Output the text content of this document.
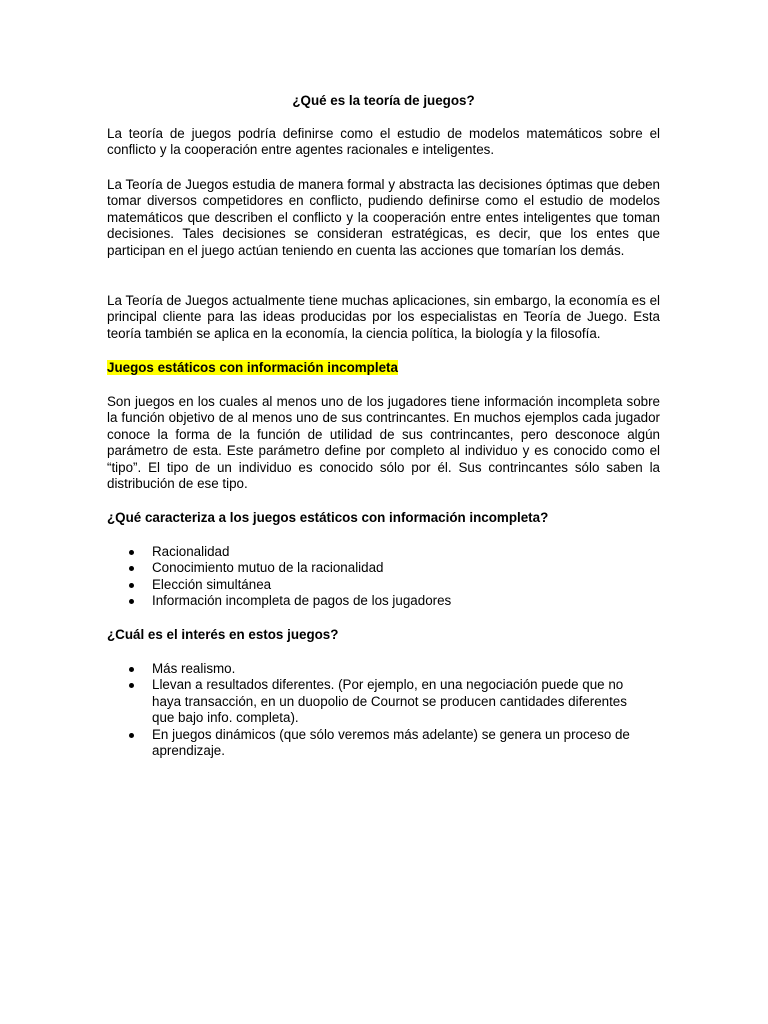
¿Qué es la teoría de juegos?

La teoría de juegos podría definirse como el estudio de modelos matemáticos sobre el conflicto y la cooperación entre agentes racionales e inteligentes.

La Teoría de Juegos estudia de manera formal y abstracta las decisiones óptimas que deben tomar diversos competidores en conflicto, pudiendo definirse como el estudio de modelos matemáticos que describen el conflicto y la cooperación entre entes inteligentes que toman decisiones. Tales decisiones se consideran estratégicas, es decir, que los entes que participan en el juego actúan teniendo en cuenta las acciones que tomarían los demás.

La Teoría de Juegos actualmente tiene muchas aplicaciones, sin embargo, la economía es el principal cliente para las ideas producidas por los especialistas en Teoría de Juego. Esta teoría también se aplica en la economía, la ciencia política, la biología y la filosofía.

Juegos estáticos con información incompleta

Son juegos en los cuales al menos uno de los jugadores tiene información incompleta sobre la función objetivo de al menos uno de sus contrincantes. En muchos ejemplos cada jugador conoce la forma de la función de utilidad de sus contrincantes, pero desconoce algún parámetro de esta. Este parámetro define por completo al individuo y es conocido como el “tipo”. El tipo de un individuo es conocido sólo por él. Sus contrincantes sólo saben la distribución de ese tipo.

¿Qué caracteriza a los juegos estáticos con información incompleta?

Racionalidad
Conocimiento mutuo de la racionalidad
Elección simultánea
Información incompleta de pagos de los jugadores

¿Cuál es el interés en estos juegos?

Más realismo.
Llevan a resultados diferentes. (Por ejemplo, en una negociación puede que no haya transacción, en un duopolio de Cournot se producen cantidades diferentes que bajo info. completa).
En juegos dinámicos (que sólo veremos más adelante) se genera un proceso de aprendizaje.
